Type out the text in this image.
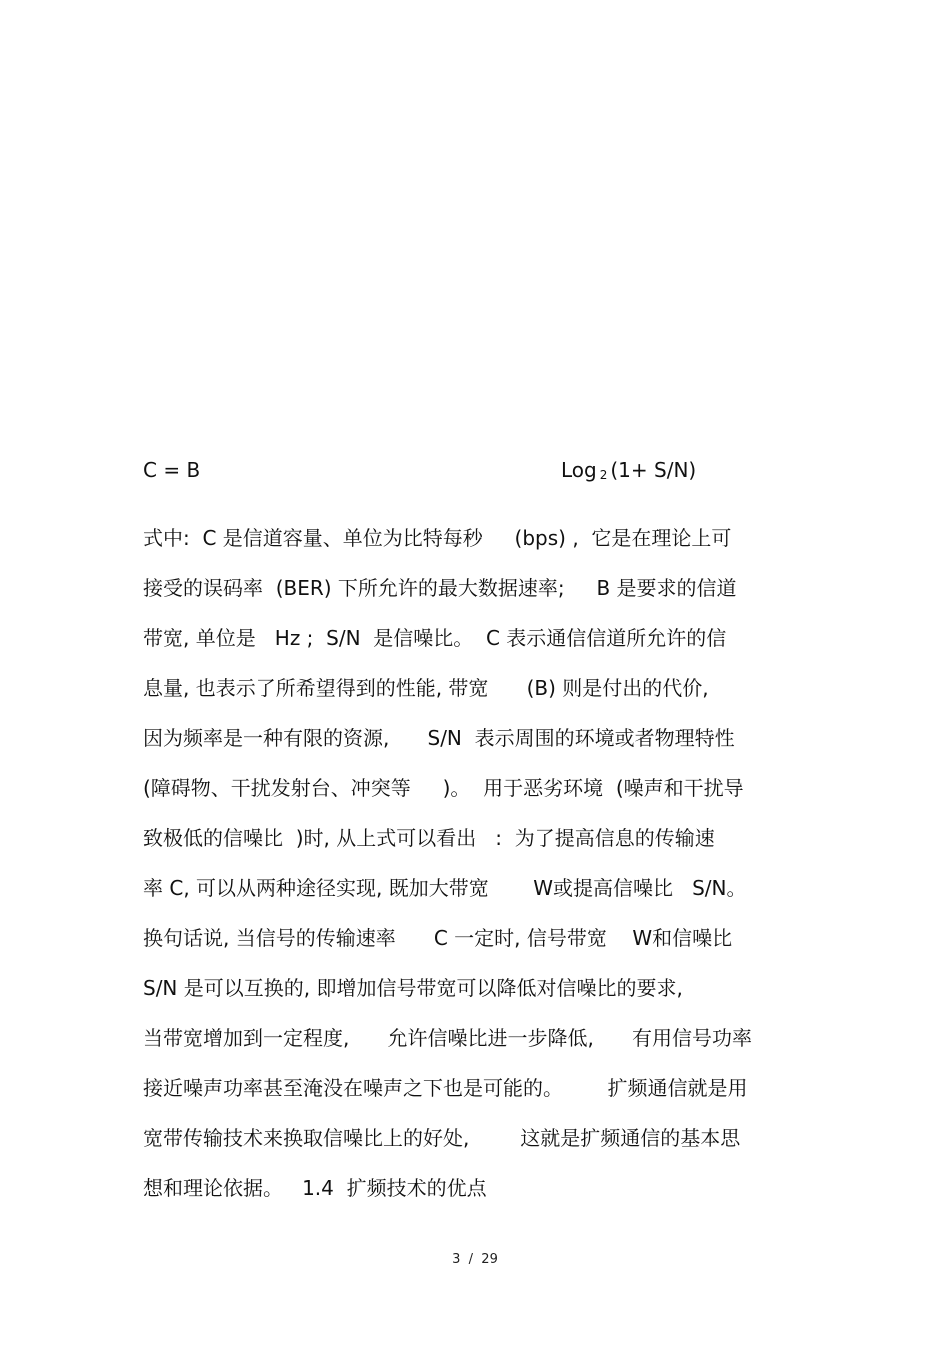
C = B	Log 2 (1+ S/N)
式中:  C 是信道容量、单位为比特每秒     (bps) ,  它是在理论上可
接受的误码率  (BER) 下所允许的最大数据速率;     B 是要求的信道
带宽, 单位是   Hz ;  S/N  是信噪比。  C 表示通信信道所允许的信
息量, 也表示了所希望得到的性能, 带宽      (B) 则是付出的代价,
因为频率是一种有限的资源,      S/N  表示周围的环境或者物理特性
(障碍物、干扰发射台、冲突等     )。  用于恶劣环境  (噪声和干扰导
致极低的信噪比  )时, 从上式可以看出   :  为了提高信息的传输速
率 C, 可以从两种途径实现, 既加大带宽       W或提高信噪比   S/N。
换句话说, 当信号的传输速率      C 一定时, 信号带宽    W和信噪比
S/N 是可以互换的, 即增加信号带宽可以降低对信噪比的要求,
当带宽增加到一定程度,      允许信噪比进一步降低,      有用信号功率
接近噪声功率甚至淹没在噪声之下也是可能的。       扩频通信就是用
宽带传输技术来换取信噪比上的好处,        这就是扩频通信的基本思
想和理论依据。   1.4  扩频技术的优点
3  /  29
